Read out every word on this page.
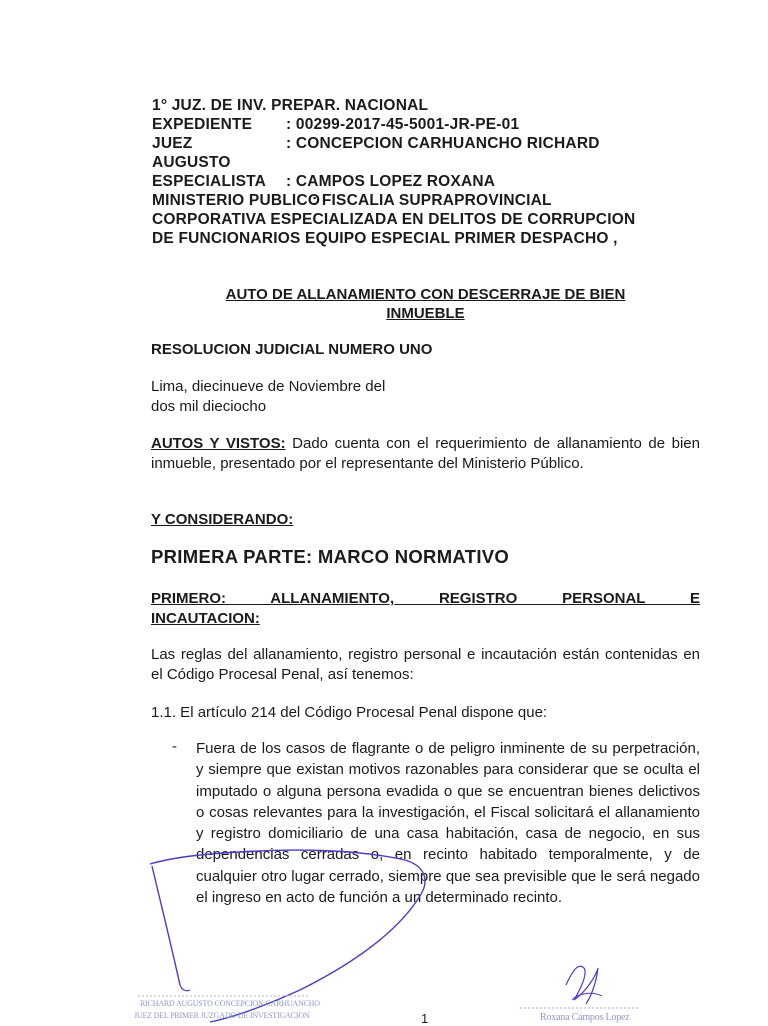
1° JUZ. DE INV. PREPAR. NACIONAL
EXPEDIENTE : 00299-2017-45-5001-JR-PE-01
JUEZ	: CONCEPCION CARHUANCHO RICHARD
AUGUSTO
ESPECIALISTA : CAMPOS LOPEZ ROXANA
MINISTERIO PUBLICO: FISCALIA SUPRAPROVINCIAL
CORPORATIVA ESPECIALIZADA EN DELITOS DE CORRUPCION
DE FUNCIONARIOS EQUIPO ESPECIAL PRIMER DESPACHO ,
AUTO DE ALLANAMIENTO CON DESCERRAJE DE BIEN
INMUEBLE
RESOLUCION JUDICIAL NUMERO UNO
Lima, diecinueve de Noviembre del
dos mil dieciocho
AUTOS Y VISTOS: Dado cuenta con el requerimiento de allanamiento de bien inmueble, presentado por el representante del Ministerio Público.
Y CONSIDERANDO:
PRIMERA PARTE: MARCO NORMATIVO
PRIMERO: ALLANAMIENTO, REGISTRO PERSONAL E
INCAUTACION:
Las reglas del allanamiento, registro personal e incautación están contenidas en el Código Procesal Penal, así tenemos:
1.1. El artículo 214 del Código Procesal Penal dispone que:
- Fuera de los casos de flagrante o de peligro inminente de su perpetración, y siempre que existan motivos razonables para considerar que se oculta el imputado o alguna persona evadida o que se encuentran bienes delictivos o cosas relevantes para la investigación, el Fiscal solicitará el allanamiento y registro domiciliario de una casa habitación, casa de negocio, en sus dependencias cerradas o, en recinto habitado temporalmente, y de cualquier otro lugar cerrado, siempre que sea previsible que le será negado el ingreso en acto de función a un determinado recinto.
RICHARD AUGUSTO CONCEPCION CARHUANCHO
JUEZ DEL PRIMER JUZGADO DE INVESTIGACION	Roxana Campos Lopez
1
